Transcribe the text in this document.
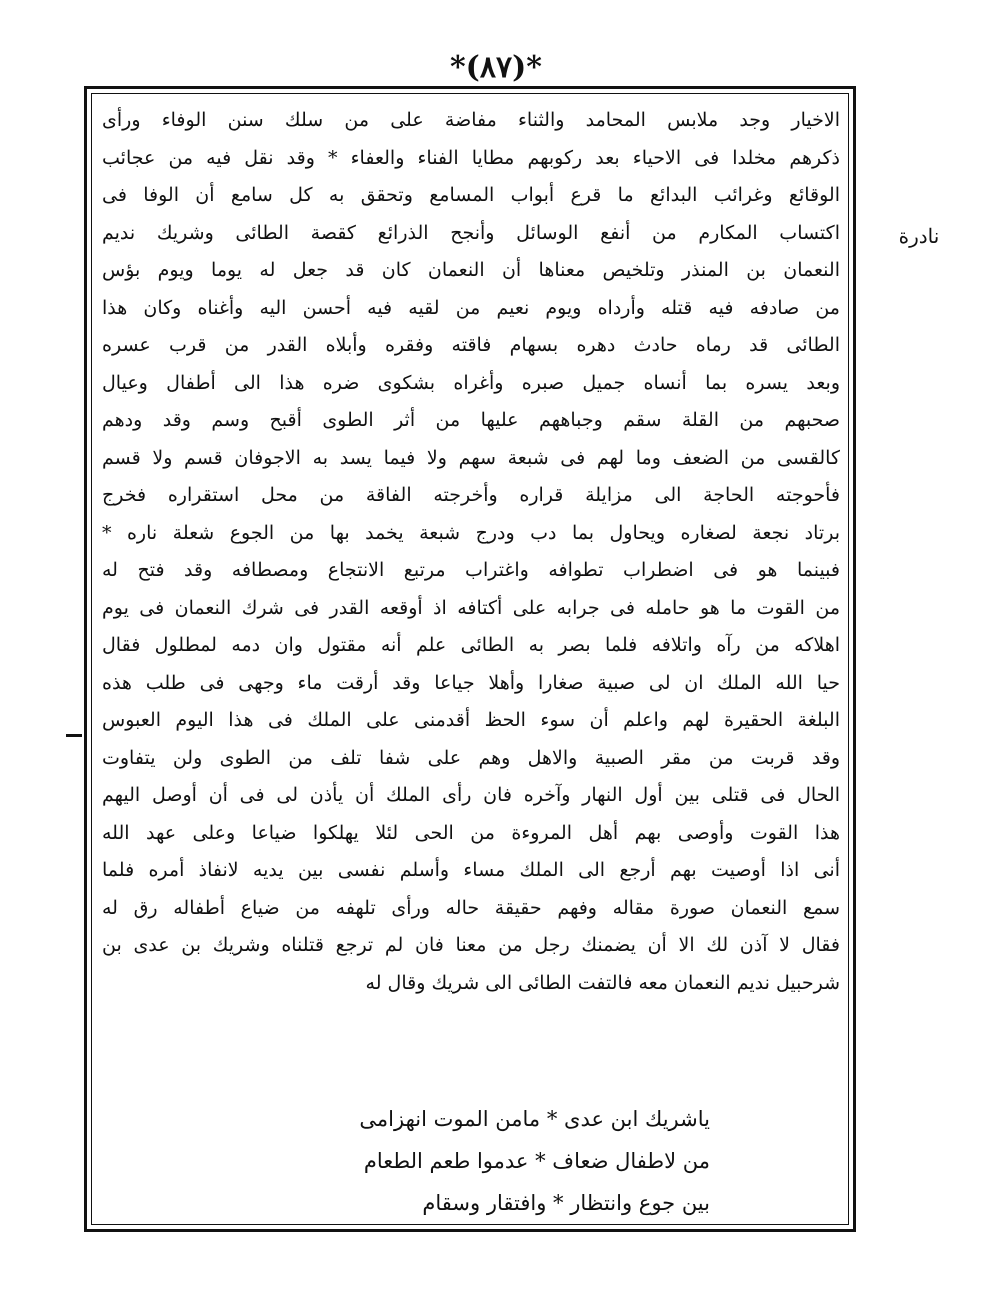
*(٨٧)*
نادرة
الاخيار وجد ملابس المحامد والثناء مفاضة على من سلك سنن الوفاء ورأى
ذكرهم مخلدا فى الاحياء بعد ركوبهم مطايا الفناء والعفاء * وقد نقل فيه من عجائب
الوقائع وغرائب البدائع ما قرع أبواب المسامع وتحقق به كل سامع أن الوفا فى
اكتساب المكارم من أنفع الوسائل وأنجح الذرائع كقصة الطائى وشريك نديم
النعمان بن المنذر وتلخيص معناها أن النعمان كان قد جعل له يوما ويوم بؤس
من صادفه فيه قتله وأرداه ويوم نعيم من لقيه فيه أحسن اليه وأغناه وكان هذا
الطائى قد رماه حادث دهره بسهام فاقته وفقره وأبلاه القدر من قرب عسره
وبعد يسره بما أنساه جميل صبره وأغراه بشكوى ضره هذا الى أطفال وعيال
صحبهم من القلة سقم وجباههم عليها من أثر الطوى أقبح وسم وقد ودهم
كالقسى من الضعف وما لهم فى شبعة سهم ولا فيما يسد به الاجوفان قسم ولا قسم
فأحوجته الحاجة الى مزايلة قراره وأخرجته الفاقة من محل استقراره فخرج
برتاد نجعة لصغاره ويحاول بما دب ودرج شبعة يخمد بها من الجوع شعلة ناره *
فبينما هو فى اضطراب تطوافه واغتراب مرتبع الانتجاع ومصطافه وقد فتح له
من القوت ما هو حامله فى جرابه على أكتافه اذ أوقعه القدر فى شرك النعمان فى يوم
اهلاكه من رآه واتلافه فلما بصر به الطائى علم أنه مقتول وان دمه لمطلول فقال
حيا الله الملك ان لى صبية صغارا وأهلا جياعا وقد أرقت ماء وجهى فى طلب هذه
البلغة الحقيرة لهم واعلم أن سوء الحظ أقدمنى على الملك فى هذا اليوم العبوس
وقد قربت من مقر الصبية والاهل وهم على شفا تلف من الطوى ولن يتفاوت
الحال فى قتلى بين أول النهار وآخره فان رأى الملك أن يأذن لى فى أن أوصل اليهم
هذا القوت وأوصى بهم أهل المروءة من الحى لئلا يهلكوا ضياعا وعلى عهد الله
أنى اذا أوصيت بهم أرجع الى الملك مساء وأسلم نفسى بين يديه لانفاذ أمره فلما
سمع النعمان صورة مقاله وفهم حقيقة حاله ورأى تلهفه من ضياع أطفاله رق له
فقال لا آذن لك الا أن يضمنك رجل من معنا فان لم ترجع قتلناه وشريك بن عدى بن
شرحبيل نديم النعمان معه فالتفت الطائى الى شريك وقال له
ياشريك ابن عدى * مامن الموت انهزامى
من لاطفال ضعاف * عدموا طعم الطعام
بين جوع وانتظار * وافتقار وسقام
